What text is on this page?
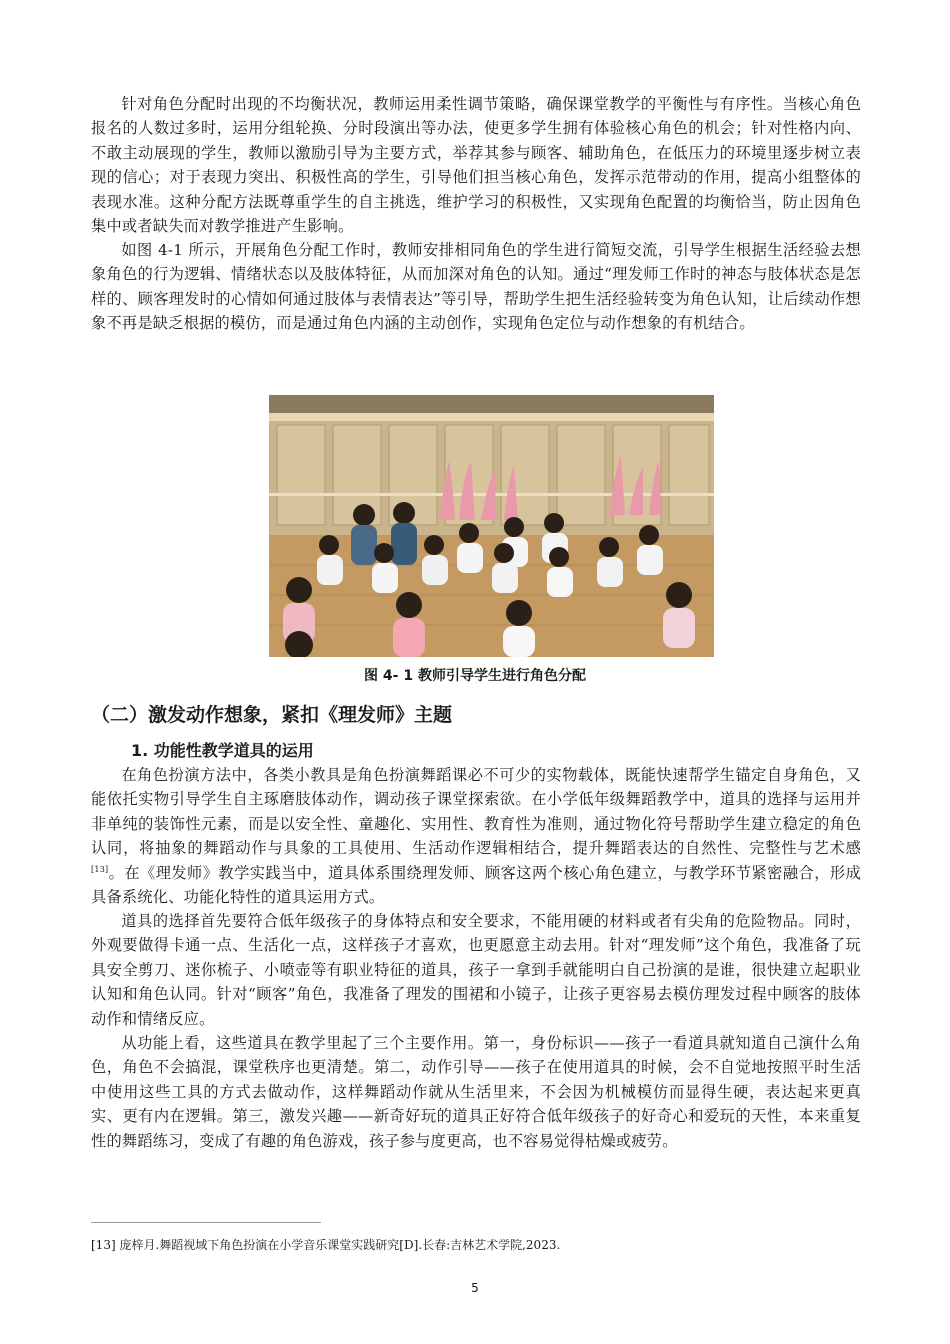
针对角色分配时出现的不均衡状况，教师运用柔性调节策略，确保课堂教学的平衡性与有序性。当核心角色报名的人数过多时，运用分组轮换、分时段演出等办法，使更多学生拥有体验核心角色的机会；针对性格内向、不敢主动展现的学生，教师以激励引导为主要方式，举荐其参与顾客、辅助角色，在低压力的环境里逐步树立表现的信心；对于表现力突出、积极性高的学生，引导他们担当核心角色，发挥示范带动的作用，提高小组整体的表现水准。这种分配方法既尊重学生的自主挑选，维护学习的积极性，又实现角色配置的均衡恰当，防止因角色集中或者缺失而对教学推进产生影响。

如图 4-1 所示，开展角色分配工作时，教师安排相同角色的学生进行简短交流，引导学生根据生活经验去想象角色的行为逻辑、情绪状态以及肢体特征，从而加深对角色的认知。通过“理发师工作时的神态与肢体状态是怎样的、顾客理发时的心情如何通过肢体与表情表达”等引导，帮助学生把生活经验转变为角色认知，让后续动作想象不再是缺乏根据的模仿，而是通过角色内涵的主动创作，实现角色定位与动作想象的有机结合。

图 4- 1 教师引导学生进行角色分配
（二）激发动作想象，紧扣《理发师》主题
1. 功能性教学道具的运用

在角色扮演方法中，各类小教具是角色扮演舞蹈课必不可少的实物载体，既能快速帮学生锚定自身角色，又能依托实物引导学生自主琢磨肢体动作，调动孩子课堂探索欲。在小学低年级舞蹈教学中，道具的选择与运用并非单纯的装饰性元素，而是以安全性、童趣化、实用性、教育性为准则，通过物化符号帮助学生建立稳定的角色认同，将抽象的舞蹈动作与具象的工具使用、生活动作逻辑相结合，提升舞蹈表达的自然性、完整性与艺术感[13]。在《理发师》教学实践当中，道具体系围绕理发师、顾客这两个核心角色建立，与教学环节紧密融合，形成具备系统化、功能化特性的道具运用方式。

道具的选择首先要符合低年级孩子的身体特点和安全要求，不能用硬的材料或者有尖角的危险物品。同时，外观要做得卡通一点、生活化一点，这样孩子才喜欢，也更愿意主动去用。针对“理发师”这个角色，我准备了玩具安全剪刀、迷你梳子、小喷壶等有职业特征的道具，孩子一拿到手就能明白自己扮演的是谁，很快建立起职业认知和角色认同。针对“顾客”角色，我准备了理发的围裙和小镜子，让孩子更容易去模仿理发过程中顾客的肢体动作和情绪反应。

从功能上看，这些道具在教学里起了三个主要作用。第一，身份标识——孩子一看道具就知道自己演什么角色，角色不会搞混，课堂秩序也更清楚。第二，动作引导——孩子在使用道具的时候，会不自觉地按照平时生活中使用这些工具的方式去做动作，这样舞蹈动作就从生活里来，不会因为机械模仿而显得生硬，表达起来更真实、更有内在逻辑。第三，激发兴趣——新奇好玩的道具正好符合低年级孩子的好奇心和爱玩的天性，本来重复性的舞蹈练习，变成了有趣的角色游戏，孩子参与度更高，也不容易觉得枯燥或疲劳。

[13] 庞梓月.舞蹈视域下角色扮演在小学音乐课堂实践研究[D].长春:吉林艺术学院,2023.
5
